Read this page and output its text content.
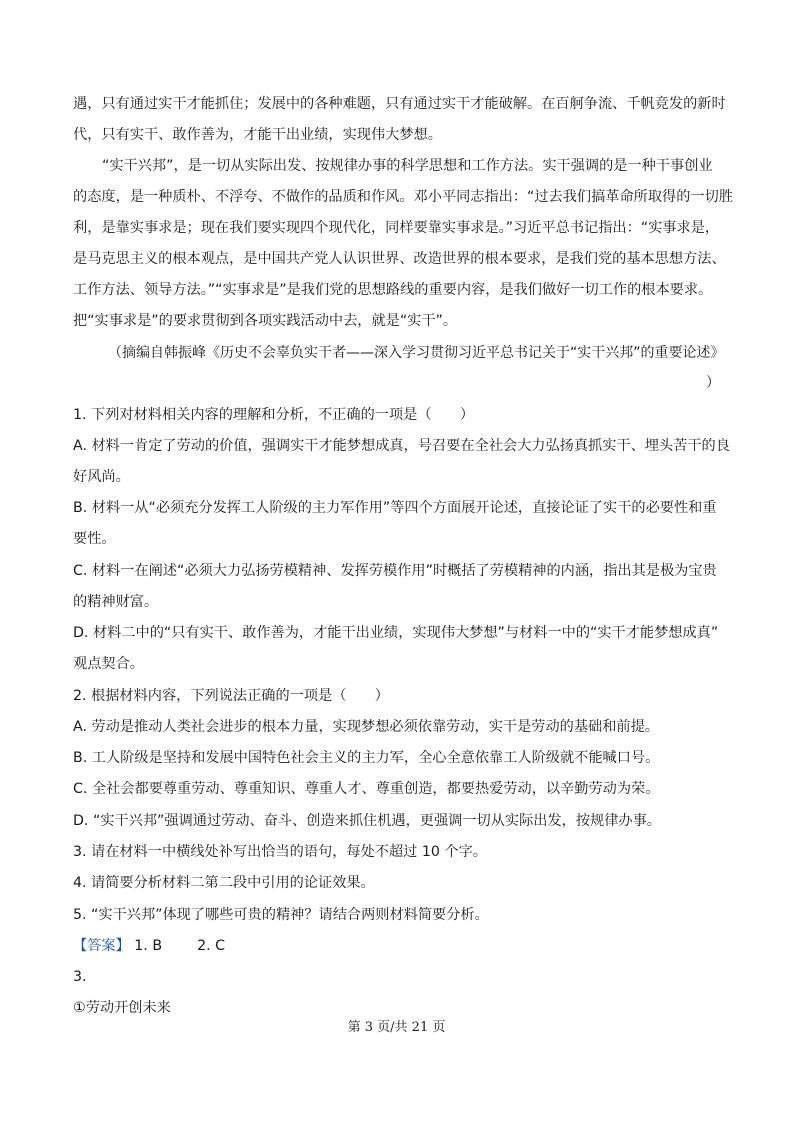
遇，只有通过实干才能抓住；发展中的各种难题，只有通过实干才能破解。在百舸争流、千帆竞发的新时
代，只有实干、敢作善为，才能干出业绩，实现伟大梦想。
“实干兴邦”，是一切从实际出发、按规律办事的科学思想和工作方法。实干强调的是一种干事创业
的态度，是一种质朴、不浮夸、不做作的品质和作风。邓小平同志指出：“过去我们搞革命所取得的一切胜
利，是靠实事求是；现在我们要实现四个现代化，同样要靠实事求是。”习近平总书记指出：“实事求是，
是马克思主义的根本观点，是中国共产党人认识世界、改造世界的根本要求，是我们党的基本思想方法、
工作方法、领导方法。”“实事求是”是我们党的思想路线的重要内容，是我们做好一切工作的根本要求。
把“实事求是”的要求贯彻到各项实践活动中去，就是“实干”。
（摘编自韩振峰《历史不会辜负实干者——深入学习贯彻习近平总书记关于“实干兴邦”的重要论述》
）
1. 下列对材料相关内容的理解和分析，不正确的一项是（　　）
A. 材料一肯定了劳动的价值，强调实干才能梦想成真，号召要在全社会大力弘扬真抓实干、埋头苦干的良
好风尚。
B. 材料一从“必须充分发挥工人阶级的主力军作用”等四个方面展开论述，直接论证了实干的必要性和重
要性。
C. 材料一在阐述“必须大力弘扬劳模精神、发挥劳模作用”时概括了劳模精神的内涵，指出其是极为宝贵
的精神财富。
D. 材料二中的“只有实干、敢作善为，才能干出业绩，实现伟大梦想”与材料一中的“实干才能梦想成真”
观点契合。
2. 根据材料内容，下列说法正确的一项是（　　）
A. 劳动是推动人类社会进步的根本力量，实现梦想必须依靠劳动，实干是劳动的基础和前提。
B. 工人阶级是坚持和发展中国特色社会主义的主力军，全心全意依靠工人阶级就不能喊口号。
C. 全社会都要尊重劳动、尊重知识、尊重人才、尊重创造，都要热爱劳动，以辛勤劳动为荣。
D. “实干兴邦”强调通过劳动、奋斗、创造来抓住机遇，更强调一切从实际出发，按规律办事。
3. 请在材料一中横线处补写出恰当的语句，每处不超过 10 个字。
4. 请简要分析材料二第二段中引用的论证效果。
5. “实干兴邦”体现了哪些可贵的精神？请结合两则材料简要分析。
【答案】 1. B 2. C
3.
①劳动开创未来
第 3 页/共 21 页
